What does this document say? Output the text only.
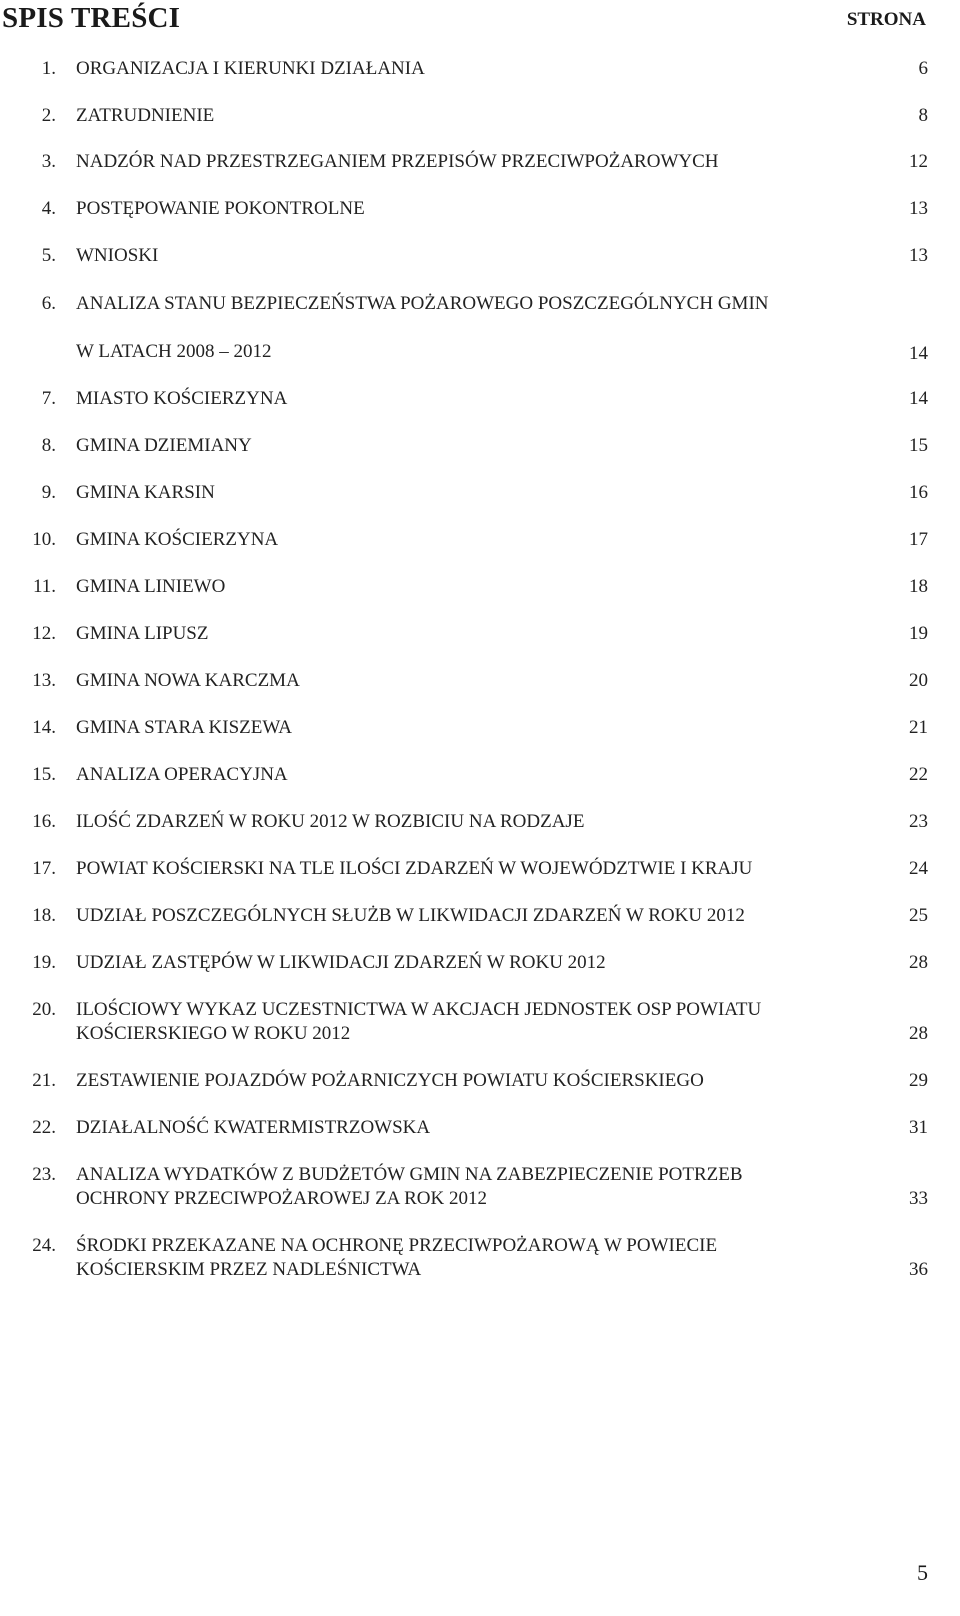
SPIS TREŚCI	STRONA
1. ORGANIZACJA I KIERUNKI DZIAŁANIA	6
2. ZATRUDNIENIE	8
3. NADZÓR NAD PRZESTRZEGANIEM PRZEPISÓW PRZECIWPOŻAROWYCH	12
4. POSTĘPOWANIE POKONTROLNE	13
5. WNIOSKI	13
6. ANALIZA STANU BEZPIECZEŃSTWA POŻAROWEGO POSZCZEGÓLNYCH GMIN
W LATACH 2008 – 2012	14
7. MIASTO KOŚCIERZYNA	14
8. GMINA DZIEMIANY	15
9. GMINA KARSIN	16
10. GMINA KOŚCIERZYNA	17
11. GMINA LINIEWO	18
12. GMINA LIPUSZ	19
13. GMINA NOWA KARCZMA	20
14. GMINA STARA KISZEWA	21
15. ANALIZA OPERACYJNA	22
16. ILOŚĆ ZDARZEŃ W ROKU 2012 W ROZBICIU NA RODZAJE	23
17. POWIAT KOŚCIERSKI NA TLE ILOŚCI ZDARZEŃ W WOJEWÓDZTWIE I KRAJU	24
18. UDZIAŁ POSZCZEGÓLNYCH SŁUŻB W LIKWIDACJI ZDARZEŃ W ROKU 2012	25
19. UDZIAŁ ZASTĘPÓW W LIKWIDACJI ZDARZEŃ W ROKU 2012	28
20. ILOŚCIOWY WYKAZ UCZESTNICTWA W AKCJACH JEDNOSTEK OSP POWIATU
KOŚCIERSKIEGO W ROKU 2012	28
21. ZESTAWIENIE POJAZDÓW POŻARNICZYCH POWIATU KOŚCIERSKIEGO	29
22. DZIAŁALNOŚĆ KWATERMISTRZOWSKA	31
23. ANALIZA WYDATKÓW Z BUDŻETÓW GMIN NA ZABEZPIECZENIE POTRZEB
OCHRONY PRZECIWPOŻAROWEJ ZA ROK 2012	33
24. ŚRODKI PRZEKAZANE NA OCHRONĘ PRZECIWPOŻAROWĄ W POWIECIE
KOŚCIERSKIM PRZEZ NADLEŚNICTWA	36
5
